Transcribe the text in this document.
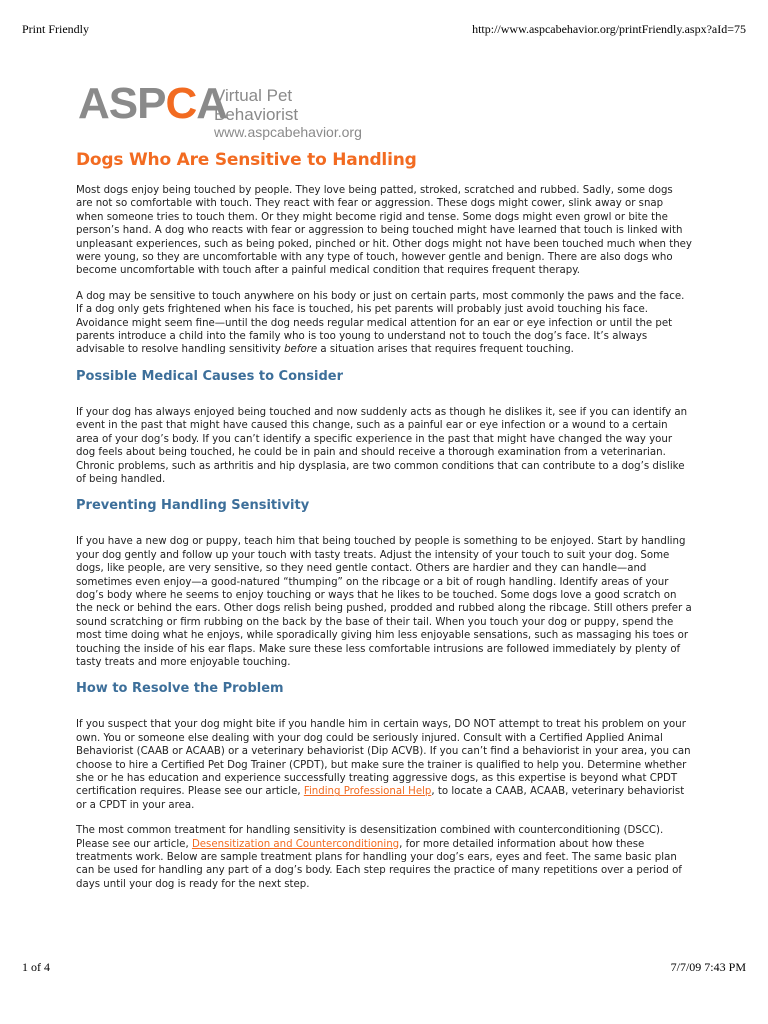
Print Friendly	http://www.aspcabehavior.org/printFriendly.aspx?aId=75
ASPCA
Virtual Pet Behaviorist
www.aspcabehavior.org
Dogs Who Are Sensitive to Handling

Most dogs enjoy being touched by people. They love being patted, stroked, scratched and rubbed. Sadly, some dogs are not so comfortable with touch. They react with fear or aggression. These dogs might cower, slink away or snap when someone tries to touch them. Or they might become rigid and tense. Some dogs might even growl or bite the person’s hand. A dog who reacts with fear or aggression to being touched might have learned that touch is linked with unpleasant experiences, such as being poked, pinched or hit. Other dogs might not have been touched much when they were young, so they are uncomfortable with any type of touch, however gentle and benign. There are also dogs who become uncomfortable with touch after a painful medical condition that requires frequent therapy.

A dog may be sensitive to touch anywhere on his body or just on certain parts, most commonly the paws and the face. If a dog only gets frightened when his face is touched, his pet parents will probably just avoid touching his face. Avoidance might seem fine—until the dog needs regular medical attention for an ear or eye infection or until the pet parents introduce a child into the family who is too young to understand not to touch the dog’s face. It’s always advisable to resolve handling sensitivity before a situation arises that requires frequent touching.

Possible Medical Causes to Consider

If your dog has always enjoyed being touched and now suddenly acts as though he dislikes it, see if you can identify an event in the past that might have caused this change, such as a painful ear or eye infection or a wound to a certain area of your dog’s body. If you can’t identify a specific experience in the past that might have changed the way your dog feels about being touched, he could be in pain and should receive a thorough examination from a veterinarian. Chronic problems, such as arthritis and hip dysplasia, are two common conditions that can contribute to a dog’s dislike of being handled.

Preventing Handling Sensitivity

If you have a new dog or puppy, teach him that being touched by people is something to be enjoyed. Start by handling your dog gently and follow up your touch with tasty treats. Adjust the intensity of your touch to suit your dog. Some dogs, like people, are very sensitive, so they need gentle contact. Others are hardier and they can handle—and sometimes even enjoy—a good-natured “thumping” on the ribcage or a bit of rough handling. Identify areas of your dog’s body where he seems to enjoy touching or ways that he likes to be touched. Some dogs love a good scratch on the neck or behind the ears. Other dogs relish being pushed, prodded and rubbed along the ribcage. Still others prefer a sound scratching or firm rubbing on the back by the base of their tail. When you touch your dog or puppy, spend the most time doing what he enjoys, while sporadically giving him less enjoyable sensations, such as massaging his toes or touching the inside of his ear flaps. Make sure these less comfortable intrusions are followed immediately by plenty of tasty treats and more enjoyable touching.

How to Resolve the Problem

If you suspect that your dog might bite if you handle him in certain ways, DO NOT attempt to treat his problem on your own. You or someone else dealing with your dog could be seriously injured. Consult with a Certified Applied Animal Behaviorist (CAAB or ACAAB) or a veterinary behaviorist (Dip ACVB). If you can’t find a behaviorist in your area, you can choose to hire a Certified Pet Dog Trainer (CPDT), but make sure the trainer is qualified to help you. Determine whether she or he has education and experience successfully treating aggressive dogs, as this expertise is beyond what CPDT certification requires. Please see our article, Finding Professional Help, to locate a CAAB, ACAAB, veterinary behaviorist or a CPDT in your area.

The most common treatment for handling sensitivity is desensitization combined with counterconditioning (DSCC). Please see our article, Desensitization and Counterconditioning, for more detailed information about how these treatments work. Below are sample treatment plans for handling your dog’s ears, eyes and feet. The same basic plan can be used for handling any part of a dog’s body. Each step requires the practice of many repetitions over a period of days until your dog is ready for the next step.

1 of 4	7/7/09 7:43 PM
